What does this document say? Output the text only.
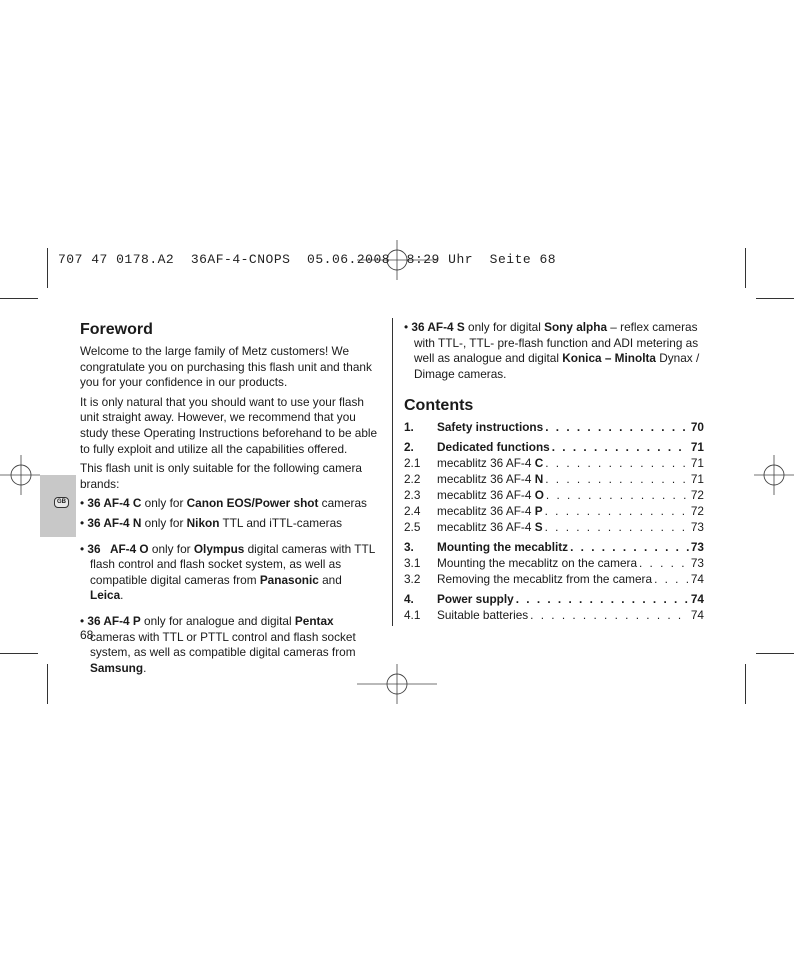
707 47 0178.A2  36AF-4-CNOPS  05.06.2008  8:29 Uhr  Seite 68
GB
Foreword

Welcome to the large family of Metz customers! We congratulate you on purchasing this flash unit and thank you for your confidence in our products.

It is only natural that you should want to use your flash unit straight away. However, we recommend that you study these Operating Instructions beforehand to be able to fully exploit and utilize all the capabilities offered.

This flash unit is only suitable for the following camera brands:

• 36 AF-4 C only for Canon EOS/Power shot cameras
• 36 AF-4 N only for Nikon TTL and iTTL-cameras
• 36   AF-4 O only for Olympus digital cameras with TTL flash control and flash socket system, as well as compatible digital cameras from Panasonic and Leica.
• 36 AF-4 P only for analogue and digital Pentax cameras with TTL or PTTL control and flash socket system, as well as compatible digital cameras from Samsung.
68
• 36 AF-4 S only for digital Sony alpha – reflex cameras with TTL-, TTL- pre-flash function and ADI metering as well as analogue and digital Konica – Minolta Dynax / Dimage cameras.
Contents
1.	Safety instructions . . .	70
2.	Dedicated functions . . .	71
2.1	mecablitz 36 AF-4 C . . .	71
2.2	mecablitz 36 AF-4 N . . .	71
2.3	mecablitz 36 AF-4 O . . .	72
2.4	mecablitz 36 AF-4 P . . .	72
2.5	mecablitz 36 AF-4 S . . .	73
3.	Mounting the mecablitz . . .	73
3.1	Mounting the mecablitz on the camera . . .	73
3.2	Removing the mecablitz from the camera . . .	74
4.	Power supply . . .	74
4.1	Suitable batteries . . .	74
